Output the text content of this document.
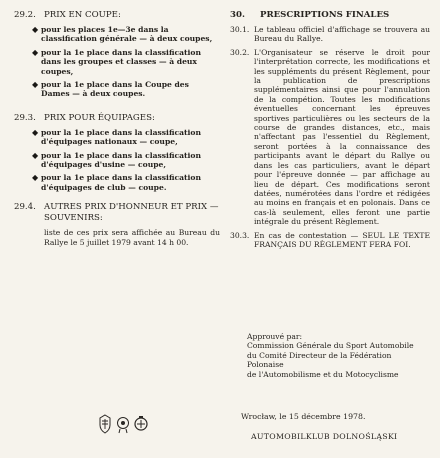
29.2. PRIX EN COUPE:
◆ pour les places 1e—3e dans la classification générale — à deux coupes,
◆ pour la 1e place dans la classification dans les groupes et classes — à deux coupes,
◆ pour la 1e place dans la Coupe des Dames — à deux coupes.
29.3. PRIX POUR ÉQUIPAGES:
◆ pour la 1e place dans la classification d'équipages nationaux — coupe,
◆ pour la 1e place dans la classification d'équipages d'usine — coupe,
◆ pour la 1e place dans la classification d'équipages de club — coupe.
29.4. AUTRES PRIX D'HONNEUR ET PRIX — SOUVENIRS:
liste de ces prix sera affichée au Bureau du Rallye le 5 juillet 1979 avant 14 h 00.
30.	PRESCRIPTIONS FINALES
30.1. Le tableau officiel d'affichage se trouvera au Bureau du Rallye.
30.2. L'Organisateur se réserve le droit pour l'interprétation correcte, les modifications et les suppléments du présent Règlement, pour la publication de prescriptions supplémentaires ainsi que pour l'annulation de la compétion. Toutes les modifications éventuelles concernant les épreuves sportives particulières ou les secteurs de la course de grandes distances, etc., mais n'affectant pas l'essentiel du Règlement, seront portées à la connaissance des participants avant le départ du Rallye ou dans les cas particuliers, avant le départ pour l'épreuve donnée — par affichage au lieu de départ. Ces modifications seront datées, numérotées dans l'ordre et rédigées au moins en français et en polonais. Dans ce cas-là seulement, elles feront une partie intégrale du présent Règlement.
30.3. En cas de contestation — SEUL LE TEXTE FRANÇAIS DU RÈGLEMENT FERA FOI.
Approuvé par:
Commission Générale du Sport Automobile
du Comité Directeur de la Fédération
Polonaise
de l'Automobilisme et du Motocyclisme
Wrocław, le 15 décembre 1978.
AUTOMOBILKLUB DOLNOŚLĄSKI
